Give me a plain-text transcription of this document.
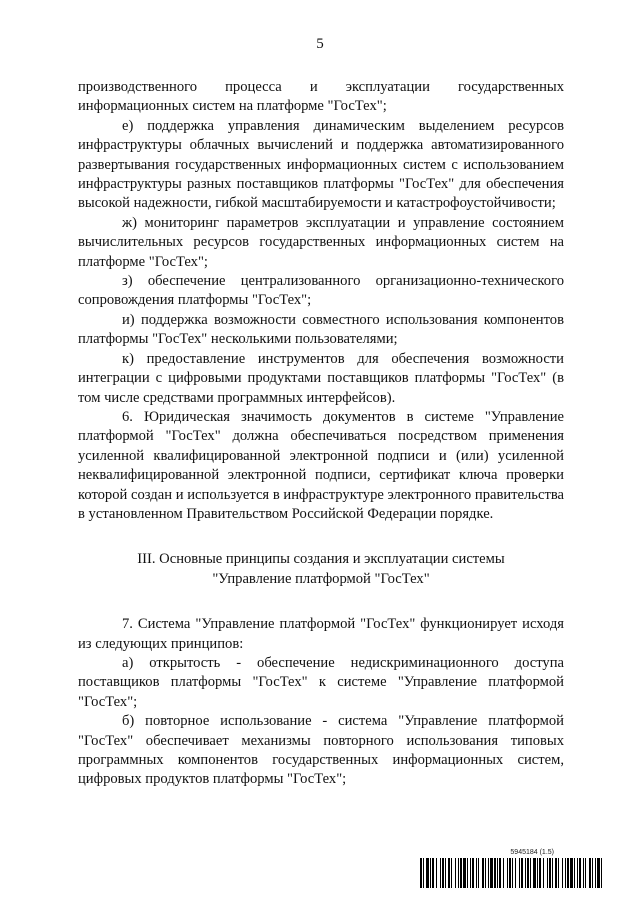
5

производственного процесса и эксплуатации государственных информационных систем на платформе "ГосТех";

е) поддержка управления динамическим выделением ресурсов инфраструктуры облачных вычислений и поддержка автоматизированного развертывания государственных информационных систем с использованием инфраструктуры разных поставщиков платформы "ГосТех" для обеспечения высокой надежности, гибкой масштабируемости и катастрофоустойчивости;

ж) мониторинг параметров эксплуатации и управление состоянием вычислительных ресурсов государственных информационных систем на платформе "ГосТех";

з) обеспечение централизованного организационно-технического сопровождения платформы "ГосТех";

и) поддержка возможности совместного использования компонентов платформы "ГосТех" несколькими пользователями;

к) предоставление инструментов для обеспечения возможности интеграции с цифровыми продуктами поставщиков платформы "ГосТех" (в том числе средствами программных интерфейсов).

6. Юридическая значимость документов в системе "Управление платформой "ГосТех" должна обеспечиваться посредством применения усиленной квалифицированной электронной подписи и (или) усиленной неквалифицированной электронной подписи, сертификат ключа проверки которой создан и используется в инфраструктуре электронного правительства в установленном Правительством Российской Федерации порядке.

III. Основные принципы создания и эксплуатации системы
"Управление платформой "ГосТех"

7. Система "Управление платформой "ГосТех" функционирует исходя из следующих принципов:

а) открытость - обеспечение недискриминационного доступа поставщиков платформы "ГосТех" к системе "Управление платформой "ГосТех";

б) повторное использование - система "Управление платформой "ГосТех" обеспечивает механизмы повторного использования типовых программных компонентов государственных информационных систем, цифровых продуктов платформы "ГосТех";

5945184 (1.5)
